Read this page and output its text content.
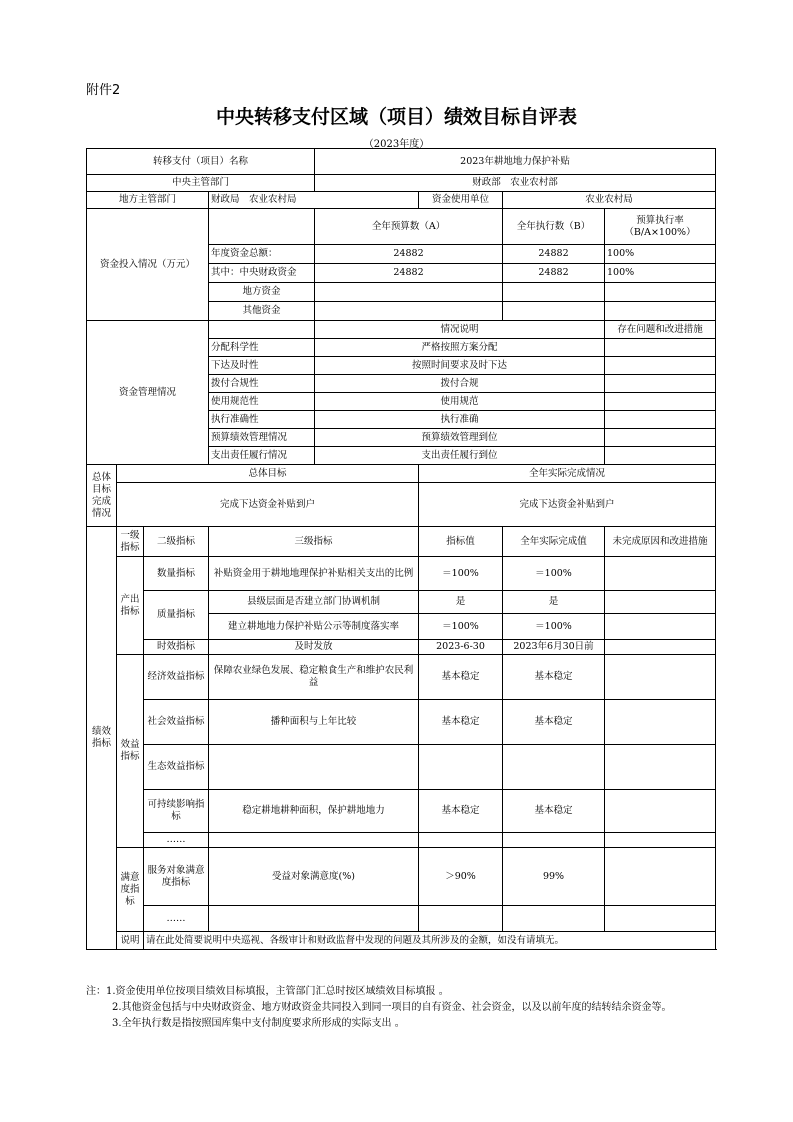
附件2
中央转移支付区域（项目）绩效目标自评表
（2023年度）
转移支付（项目）名称				2023年耕地地力保护补贴			
中央主管部门				财政部　农业农村部			
地方主管部门			财政局　农业农村局		资金使用单位	农业农村局	
资金投入情况（万元）				全年预算数（A）		全年执行数（B）	预算执行率（B/A×100%）
			年度资金总额：	24882		24882	100%
			其中：中央财政资金	24882		24882	100%
			地方资金				
			其他资金				
资金管理情况				情况说明			存在问题和改进措施
			分配科学性	严格按照方案分配			
			下达及时性	按照时间要求及时下达			
			拨付合规性	拨付合规			
			使用规范性	使用规范			
			执行准确性	执行准确			
			预算绩效管理情况	预算绩效管理到位			
			支出责任履行情况	支出责任履行到位			
总体目标完成情况	总体目标				全年实际完成情况		
	完成下达资金补贴到户				完成下达资金补贴到户		
绩效指标	一级指标	二级指标	三级指标		指标值	全年实际完成值	未完成原因和改进措施
	产出指标	数量指标	补贴资金用于耕地地理保护补贴相关支出的比例		＝100%	＝100%	
		质量指标	县级层面是否建立部门协调机制		是	是	
			建立耕地地力保护补贴公示等制度落实率		＝100%	＝100%	
		时效指标	及时发放		2023-6-30	2023年6月30日前	
	效益指标	经济效益指标	保障农业绿色发展、稳定粮食生产和维护农民利益		基本稳定	基本稳定	
		社会效益指标	播种面积与上年比较		基本稳定	基本稳定	
		生态效益指标					
		可持续影响指标	稳定耕地耕种面积，保护耕地地力		基本稳定	基本稳定	
		……					
	满意度指标	服务对象满意度指标	受益对象满意度(%)		＞90%	99%	
		……					
	说明	请在此处简要说明中央巡视、各级审计和财政监督中发现的问题及其所涉及的金额，如没有请填无。					

注：1.资金使用单位按项目绩效目标填报，主管部门汇总时按区域绩效目标填报 。

2.其他资金包括与中央财政资金、地方财政资金共同投入到同一项目的自有资金、社会资金，以及以前年度的结转结余资金等。

3.全年执行数是指按照国库集中支付制度要求所形成的实际支出 。
